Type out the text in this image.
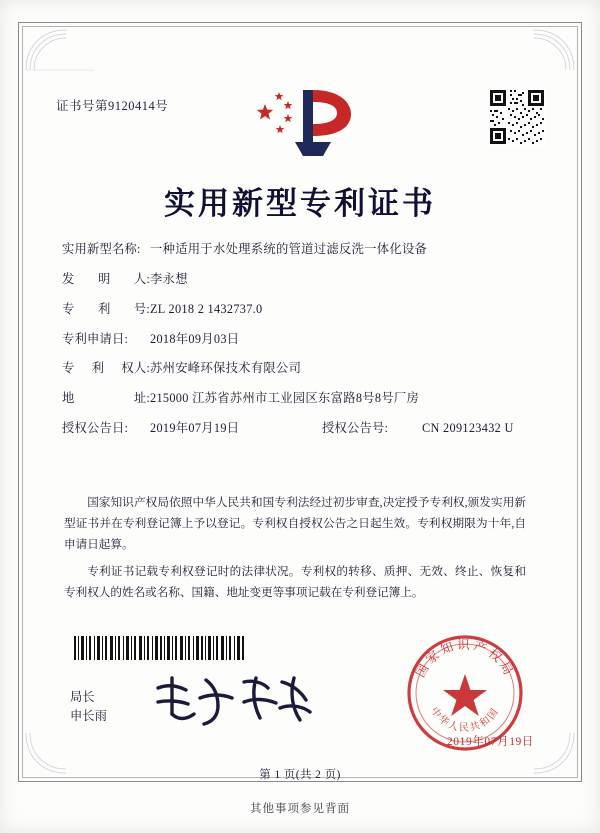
证书号第9120414号
实用新型专利证书
实用新型名称: 一种适用于水处理系统的管道过滤反洗一体化设备
发 明 人: 李永想
专 利 号: ZL 2018 2 1432737.0
专利申请日:	2018年09月03日
专 利 权人: 苏州安峰环保技术有限公司
地	址: 215000 江苏省苏州市工业园区东富路8号8号厂房
授权公告日:	2019年07月19日	授权公告号:	CN 209123432 U

国家知识产权局依照中华人民共和国专利法经过初步审查,决定授予专利权,颁发实用新型证书并在专利登记簿上予以登记。专利权自授权公告之日起生效。专利权期限为十年,自申请日起算。

专利证书记载专利权登记时的法律状况。专利权的转移、质押、无效、终止、恢复和专利权人的姓名或名称、国籍、地址变更等事项记载在专利登记簿上。

国家知识产权局
中华人民共和国
2019年07月19日
局长
申长雨
第 1 页(共 2 页)
其他事项参见背面
